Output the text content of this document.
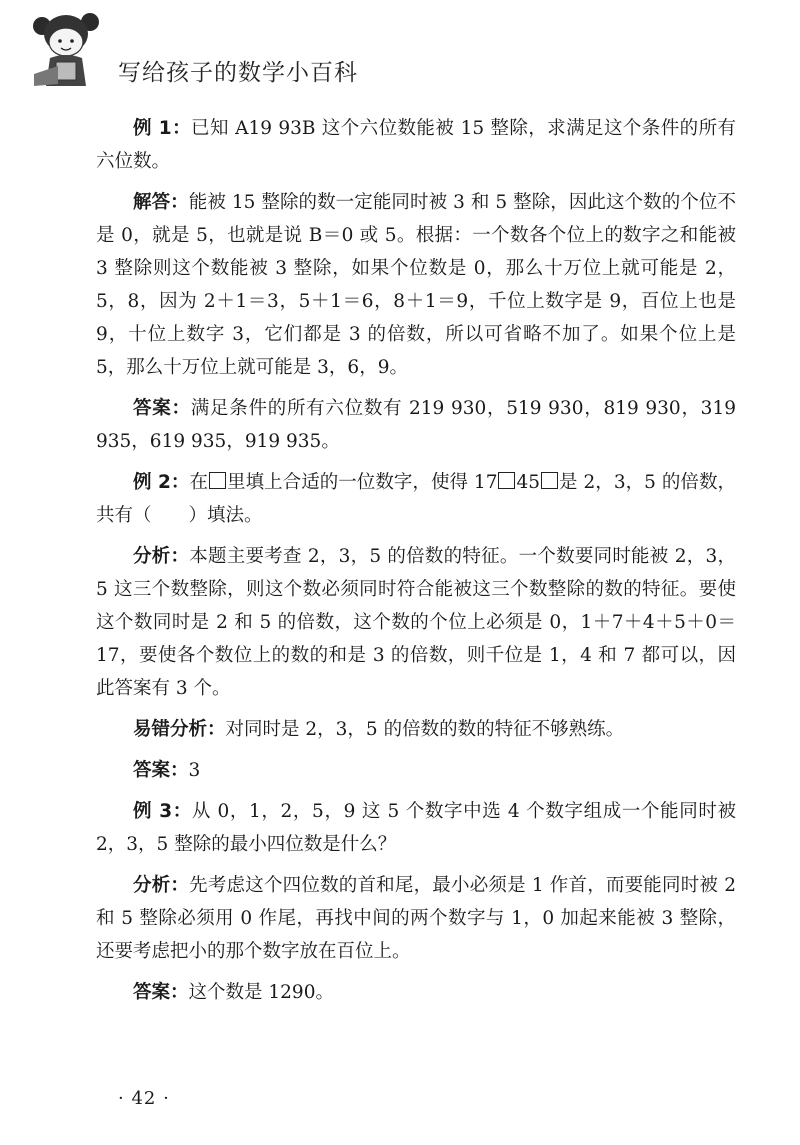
写给孩子的数学小百科

例 1：已知 A19 93B 这个六位数能被 15 整除，求满足这个条件的所有六位数。

解答：能被 15 整除的数一定能同时被 3 和 5 整除，因此这个数的个位不是 0，就是 5，也就是说 B＝0 或 5。根据：一个数各个位上的数字之和能被 3 整除则这个数能被 3 整除，如果个位数是 0，那么十万位上就可能是 2，5，8，因为 2＋1＝3，5＋1＝6，8＋1＝9，千位上数字是 9，百位上也是 9，十位上数字 3，它们都是 3 的倍数，所以可省略不加了。如果个位上是 5，那么十万位上就可能是 3，6，9。

答案：满足条件的所有六位数有 219 930，519 930，819 930，319 935，619 935，919 935。

例 2：在 里填上合适的一位数字，使得 17 45 是 2，3，5 的倍数，共有（　　）填法。

分析：本题主要考查 2，3，5 的倍数的特征。一个数要同时能被 2，3，5 这三个数整除，则这个数必须同时符合能被这三个数整除的数的特征。要使这个数同时是 2 和 5 的倍数，这个数的个位上必须是 0，1＋7＋4＋5＋0＝17，要使各个数位上的数的和是 3 的倍数，则千位是 1，4 和 7 都可以，因此答案有 3 个。

易错分析：对同时是 2，3，5 的倍数的数的特征不够熟练。

答案：3

例 3：从 0，1，2，5，9 这 5 个数字中选 4 个数字组成一个能同时被 2，3，5 整除的最小四位数是什么？

分析：先考虑这个四位数的首和尾，最小必须是 1 作首，而要能同时被 2 和 5 整除必须用 0 作尾，再找中间的两个数字与 1，0 加起来能被 3 整除，还要考虑把小的那个数字放在百位上。

答案：这个数是 1290。

· 42 ·
